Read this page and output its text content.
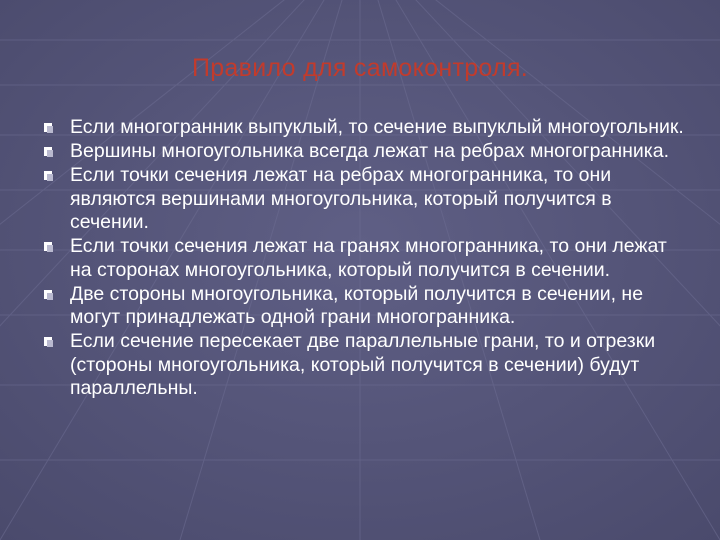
Правило для самоконтроля.
Если многогранник выпуклый, то сечение выпуклый многоугольник.
Вершины многоугольника всегда лежат на ребрах многогранника.
Если точки сечения лежат на ребрах многогранника, то они являются вершинами многоугольника, который получится в сечении.
Если точки сечения лежат на гранях многогранника, то они лежат на сторонах многоугольника, который получится в сечении.
Две стороны многоугольника, который получится в сечении, не могут принадлежать одной грани многогранника.
Если сечение пересекает две параллельные грани, то и отрезки (стороны многоугольника, который получится в сечении) будут параллельны.
